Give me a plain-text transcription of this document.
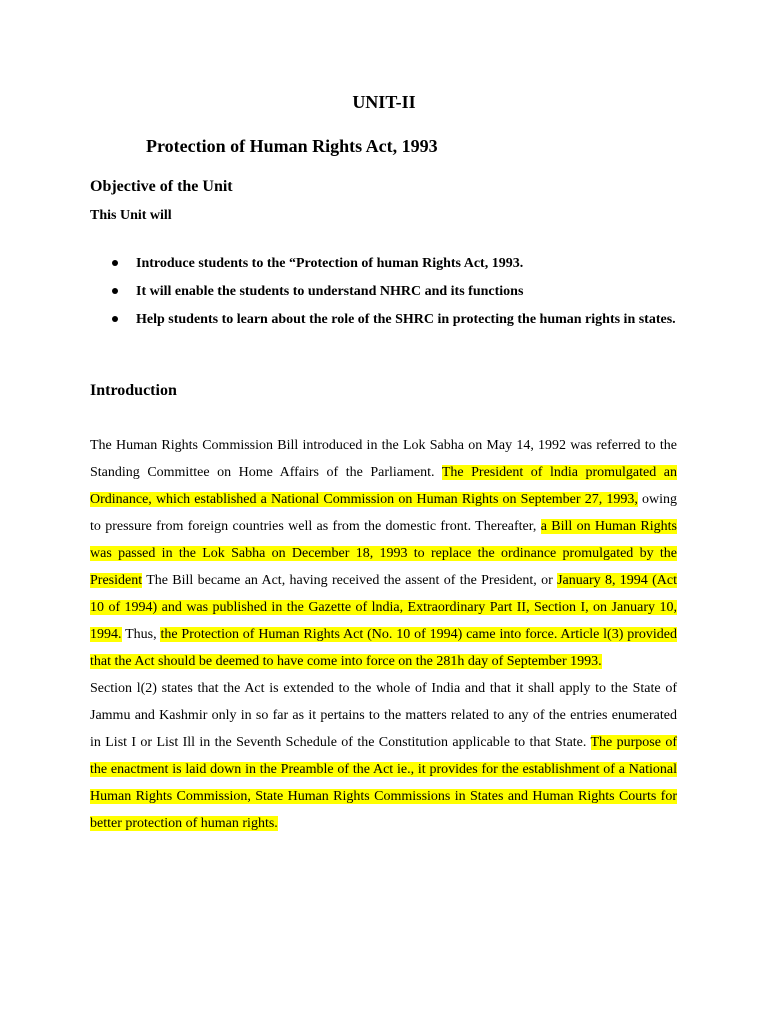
UNIT-II
Protection of Human Rights Act, 1993
Objective of the Unit

This Unit will

Introduce students to the “Protection of human Rights Act, 1993.
It will enable the students to understand NHRC and its functions
Help students to learn about the role of the SHRC in protecting the human rights in states.
Introduction

The Human Rights Commission Bill introduced in the Lok Sabha on May 14, 1992 was referred to the Standing Committee on Home Affairs of the Parliament. The President of lndia promulgated an Ordinance, which established a National Commission on Human Rights on September 27, 1993, owing to pressure from foreign countries well as from the domestic front. Thereafter, a Bill on Human Rights was passed in the Lok Sabha on December 18, 1993 to replace the ordinance promulgated by the President The Bill became an Act, having received the assent of the President, or January 8, 1994 (Act 10 of 1994) and was published in the Gazette of lndia, Extraordinary Part II, Section I, on January 10, 1994. Thus, the Protection of Human Rights Act (No. 10 of 1994) came into force. Article l(3) provided that the Act should be deemed to have come into force on the 281h day of September 1993.

Section l(2) states that the Act is extended to the whole of India and that it shall apply to the State of Jammu and Kashmir only in so far as it pertains to the matters related to any of the entries enumerated in List I or List Ill in the Seventh Schedule of the Constitution applicable to that State. The purpose of the enactment is laid down in the Preamble of the Act ie., it provides for the establishment of a National Human Rights Commission, State Human Rights Commissions in States and Human Rights Courts for better protection of human rights.
